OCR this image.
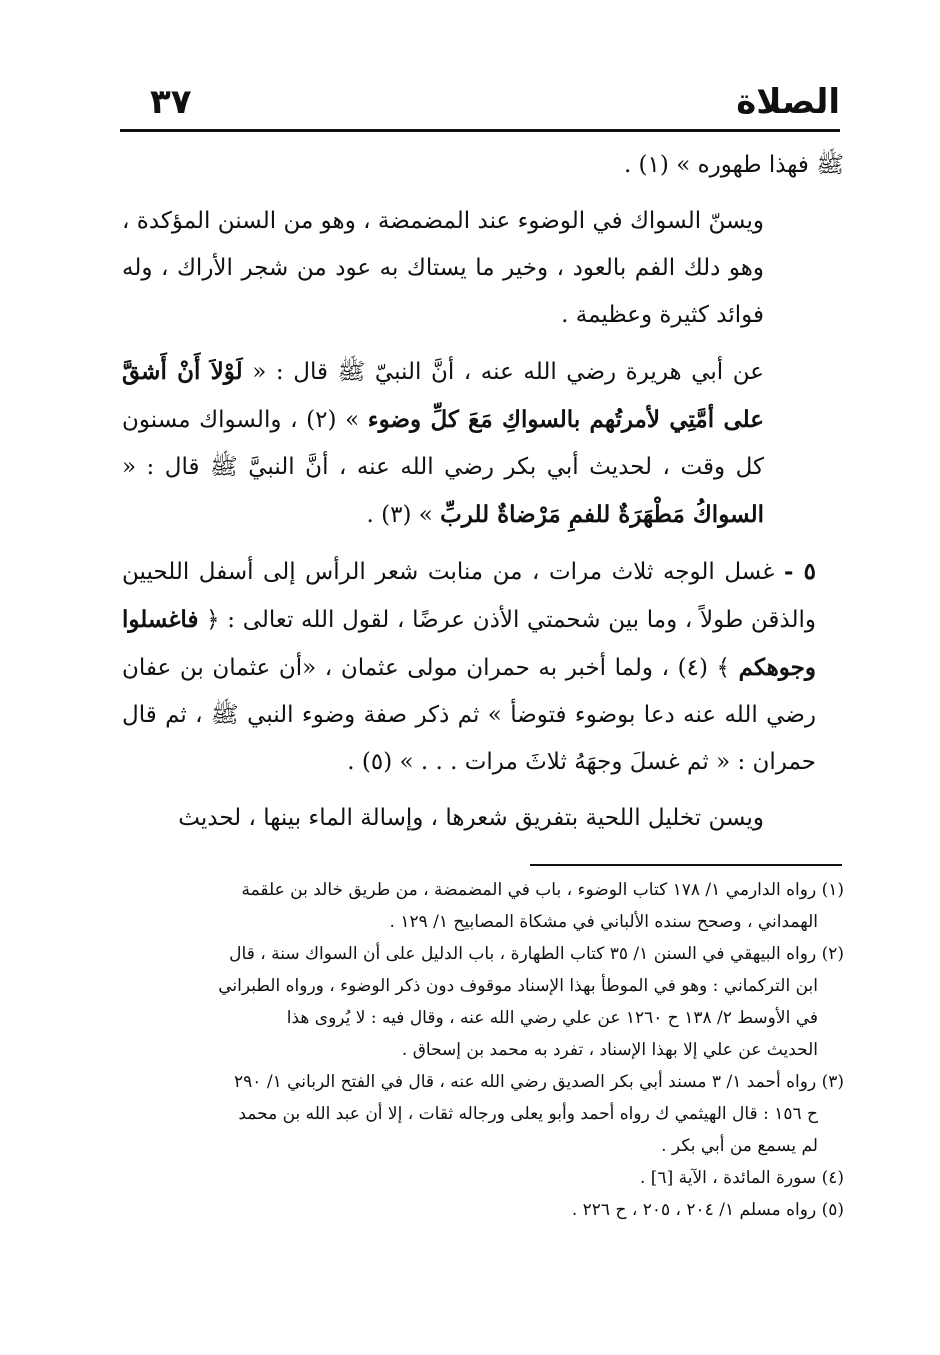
الصلاة
٣٧

ﷺ فهذا طهوره » (١) .

ويسنّ السواك في الوضوء عند المضمضة ، وهو من السنن المؤكدة ، وهو دلك الفم بالعود ، وخير ما يستاك به عود من شجر الأراك ، وله فوائد كثيرة وعظيمة .

عن أبي هريرة رضي الله عنه ، أنَّ النبيّ ﷺ قال : « لَوْلاَ أَنْ أَشقَّ على أمَّتِي لأمرتُهم بالسواكِ مَعَ كلِّ وضوء » (٢) ، والسواك مسنون كل وقت ، لحديث أبي بكر رضي الله عنه ، أنَّ النبيَّ ﷺ قال : « السواكُ مَطْهَرَةٌ للفمِ مَرْضاةٌ للربِّ » (٣) .

٥ - غسل الوجه ثلاث مرات ، من منابت شعر الرأس إلى أسفل اللحيين والذقن طولاً ، وما بين شحمتي الأذن عرضًا ، لقول الله تعالى : ﴿ فاغسلوا وجوهكم ﴾ (٤) ، ولما أخبر به حمران مولى عثمان ، «أن عثمان بن عفان رضي الله عنه دعا بوضوء فتوضأ » ثم ذكر صفة وضوء النبي ﷺ ، ثم قال حمران : « ثم غسلَ وجهَهُ ثلاثَ مرات . . . » (٥) .

ويسن تخليل اللحية بتفريق شعرها ، وإسالة الماء بينها ، لحديث

(١) رواه الدارمي ١/ ١٧٨ كتاب الوضوء ، باب في المضمضة ، من طريق خالد بن علقمة

الهمداني ، وصحح سنده الألباني في مشكاة المصابيح ١/ ١٢٩ .

(٢) رواه البيهقي في السنن ١/ ٣٥ كتاب الطهارة ، باب الدليل على أن السواك سنة ، قال

ابن التركماني : وهو في الموطأ بهذا الإسناد موقوف دون ذكر الوضوء ، ورواه الطبراني

في الأوسط ٢/ ١٣٨ ح ١٢٦٠ عن علي رضي الله عنه ، وقال فيه : لا يُروى هذا

الحديث عن علي إلا بهذا الإسناد ، تفرد به محمد بن إسحاق .

(٣) رواه أحمد ١/ ٣ مسند أبي بكر الصديق رضي الله عنه ، قال في الفتح الرباني ١/ ٢٩٠

ح ١٥٦ : قال الهيثمي ك رواه أحمد وأبو يعلى ورجاله ثقات ، إلا أن عبد الله بن محمد

لم يسمع من أبي بكر .

(٤) سورة المائدة ، الآية [٦] .

(٥) رواه مسلم ١/ ٢٠٤ ، ٢٠٥ ، ح ٢٢٦ .
